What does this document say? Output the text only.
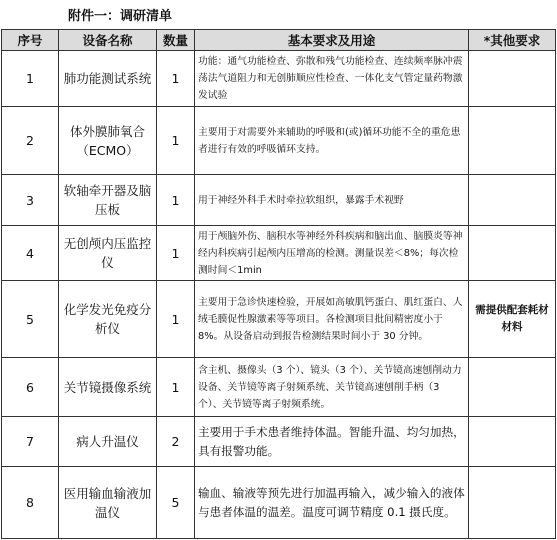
附件一：调研清单
序号	设备名称	数量	基本要求及用途	*其他要求
1	肺功能测试系统	1	功能：通气功能检查、弥散和残气功能检查、连续频率脉冲震荡法气道阻力和无创肺顺应性检查、一体化支气管定量药物激发试验	
2	体外膜肺氧合（ECMO）	1	主要用于对需要外来辅助的呼吸和(或)循环功能不全的重危患者进行有效的呼吸循环支持。	
3	软轴牵开器及脑压板	1	用于神经外科手术时牵拉软组织，暴露手术视野	
4	无创颅内压监控仪	1	用于颅脑外伤、脑积水等神经外科疾病和脑出血、脑膜炎等神经内科疾病引起颅内压增高的检测。测量误差＜8%；每次检测时间＜1min	
5	化学发光免疫分析仪	1	主要用于急诊快速检验，开展如高敏肌钙蛋白、肌红蛋白、人绒毛膜促性腺激素等等项目。各检测项目批间精密度小于 8%。从设备启动到报告检测结果时间小于 30 分钟。	需提供配套耗材材料
6	关节镜摄像系统	1	含主机、摄像头（3 个）、镜头（3 个）、关节镜高速刨削动力设备、关节镜等离子射频系统、关节镜高速刨削手柄（3 个）、关节镜等离子射频系统。	
7	病人升温仪	2	主要用于手术患者维持体温。智能升温、均匀加热，具有报警功能。	
8	医用输血输液加温仪	5	输血、输液等预先进行加温再输入，减少输入的液体与患者体温的温差。温度可调节精度 0.1 摄氏度。	
